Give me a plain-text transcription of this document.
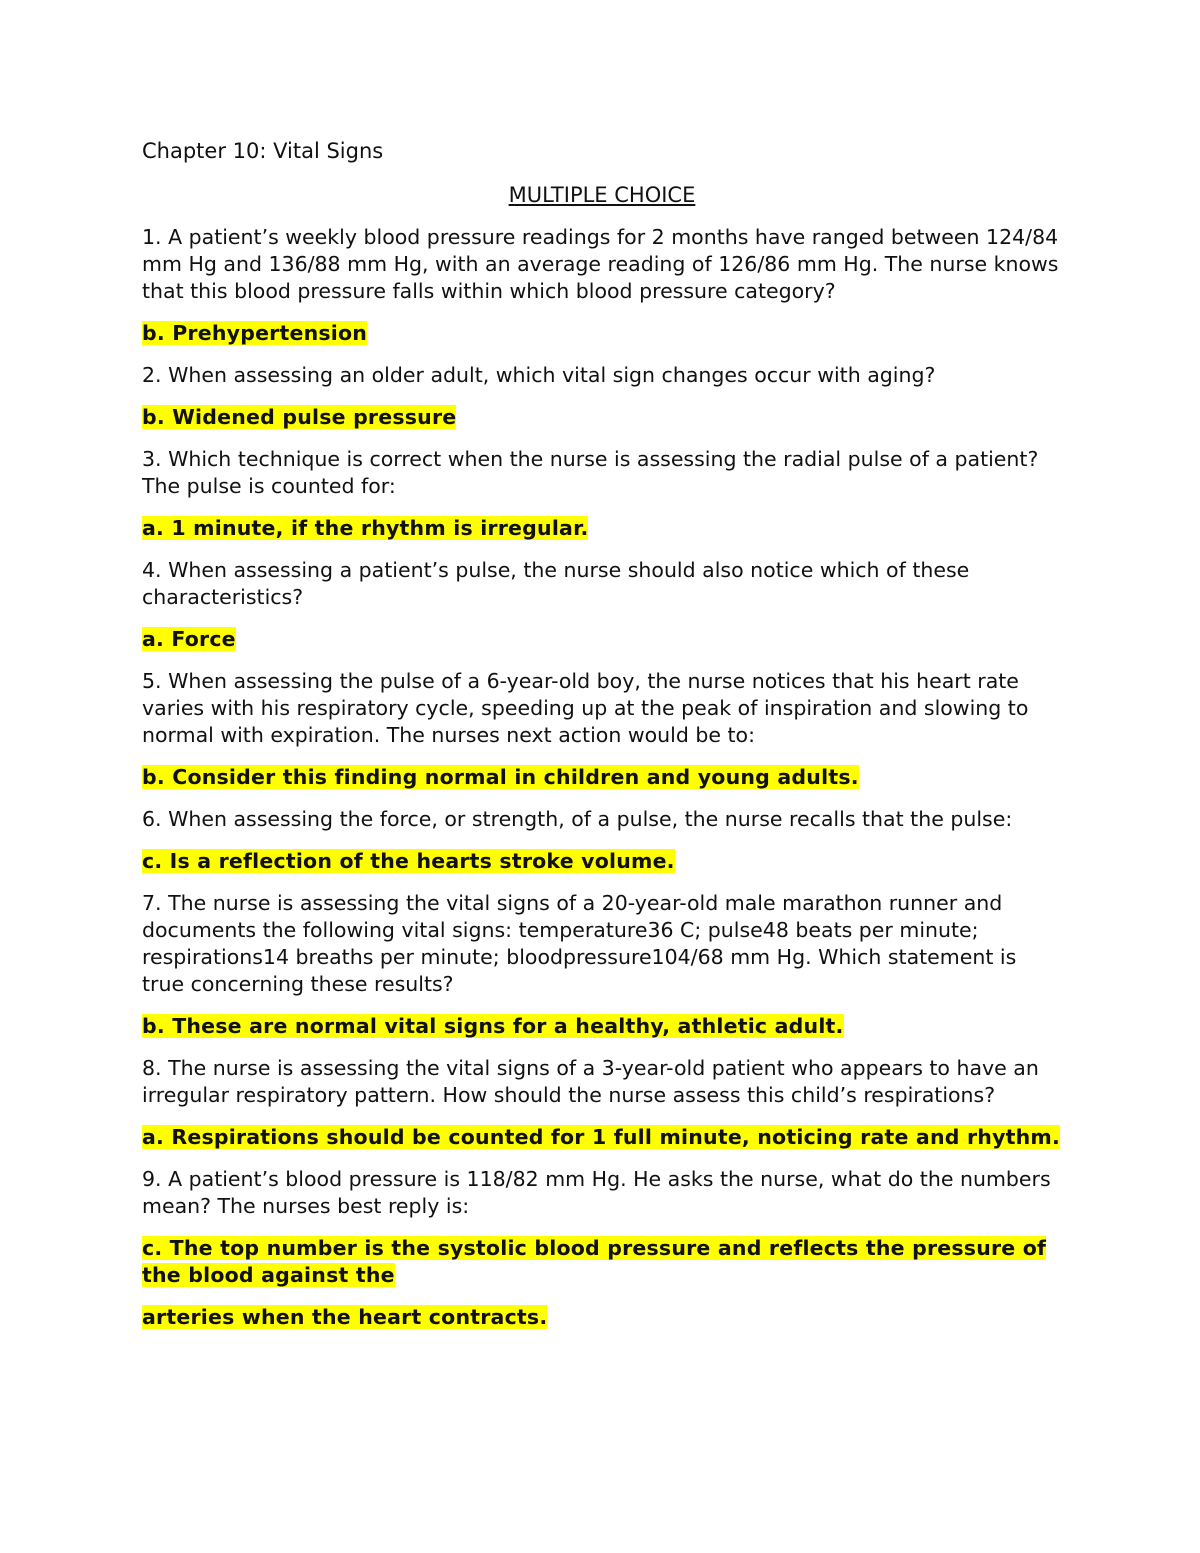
Chapter 10: Vital Signs
MULTIPLE CHOICE
1. A patient’s weekly blood pressure readings for 2 months have ranged between 124/84 mm Hg and 136/88 mm Hg, with an average reading of 126/86 mm Hg. The nurse knows that this blood pressure falls within which blood pressure category?
b. Prehypertension
2. When assessing an older adult, which vital sign changes occur with aging?
b. Widened pulse pressure
3. Which technique is correct when the nurse is assessing the radial pulse of a patient? The pulse is counted for:
a. 1 minute, if the rhythm is irregular.
4. When assessing a patient’s pulse, the nurse should also notice which of these characteristics?
a. Force
5. When assessing the pulse of a 6-year-old boy, the nurse notices that his heart rate varies with his respiratory cycle, speeding up at the peak of inspiration and slowing to normal with expiration. The nurses next action would be to:
b. Consider this finding normal in children and young adults.
6. When assessing the force, or strength, of a pulse, the nurse recalls that the pulse:
c. Is a reflection of the hearts stroke volume.
7. The nurse is assessing the vital signs of a 20-year-old male marathon runner and documents the following vital signs: temperature36 C; pulse48 beats per minute; respirations14 breaths per minute; bloodpressure104/68 mm Hg. Which statement is true concerning these results?
b. These are normal vital signs for a healthy, athletic adult.
8. The nurse is assessing the vital signs of a 3-year-old patient who appears to have an irregular respiratory pattern. How should the nurse assess this child’s respirations?
a. Respirations should be counted for 1 full minute, noticing rate and rhythm.
9. A patient’s blood pressure is 118/82 mm Hg. He asks the nurse, what do the numbers mean? The nurses best reply is:
c. The top number is the systolic blood pressure and reflects the pressure of the blood against the
arteries when the heart contracts.
